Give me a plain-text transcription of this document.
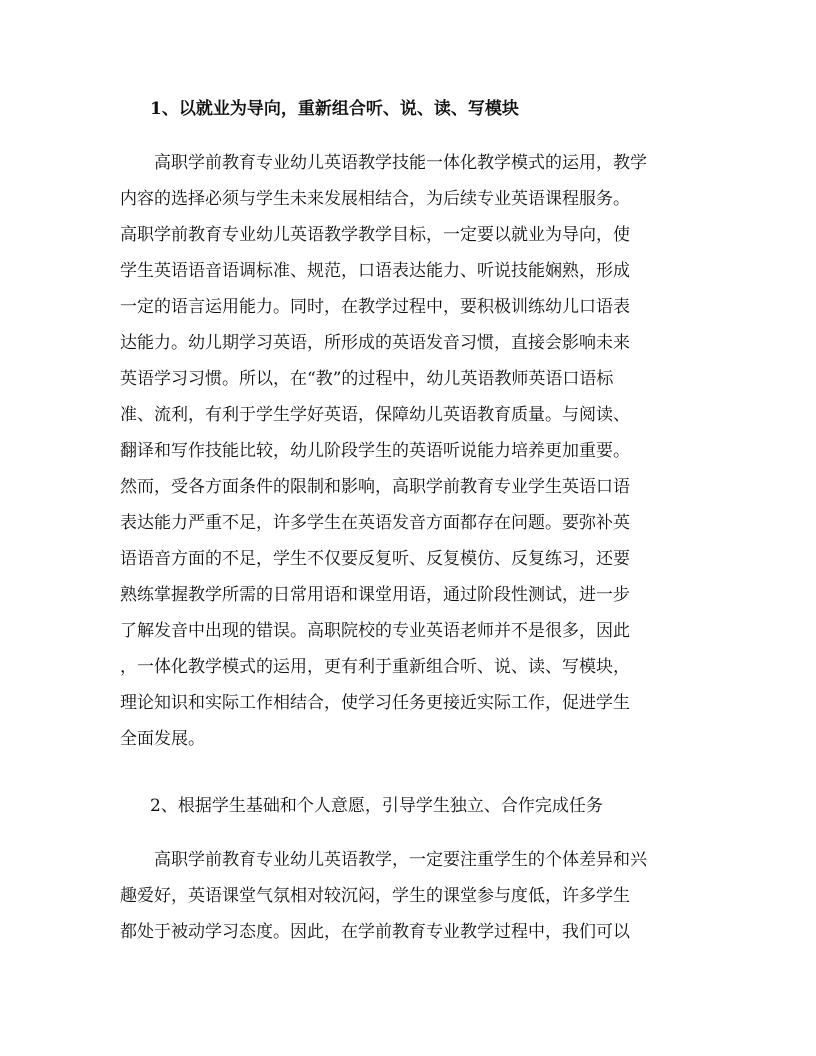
1、以就业为导向，重新组合听、说、读、写模块
高职学前教育专业幼儿英语教学技能一体化教学模式的运用，教学
内容的选择必须与学生未来发展相结合，为后续专业英语课程服务。
高职学前教育专业幼儿英语教学教学目标，一定要以就业为导向，使
学生英语语音语调标准、规范，口语表达能力、听说技能娴熟，形成
一定的语言运用能力。同时，在教学过程中，要积极训练幼儿口语表
达能力。幼儿期学习英语，所形成的英语发音习惯，直接会影响未来
英语学习习惯。所以，在“教”的过程中，幼儿英语教师英语口语标
准、流利，有利于学生学好英语，保障幼儿英语教育质量。与阅读、
翻译和写作技能比较，幼儿阶段学生的英语听说能力培养更加重要。
然而，受各方面条件的限制和影响，高职学前教育专业学生英语口语
表达能力严重不足，许多学生在英语发音方面都存在问题。要弥补英
语语音方面的不足，学生不仅要反复听、反复模仿、反复练习，还要
熟练掌握教学所需的日常用语和课堂用语，通过阶段性测试，进一步
了解发音中出现的错误。高职院校的专业英语老师并不是很多，因此
，一体化教学模式的运用，更有利于重新组合听、说、读、写模块，
理论知识和实际工作相结合，使学习任务更接近实际工作，促进学生
全面发展。
2、根据学生基础和个人意愿，引导学生独立、合作完成任务
高职学前教育专业幼儿英语教学，一定要注重学生的个体差异和兴
趣爱好，英语课堂气氛相对较沉闷，学生的课堂参与度低，许多学生
都处于被动学习态度。因此，在学前教育专业教学过程中，我们可以
